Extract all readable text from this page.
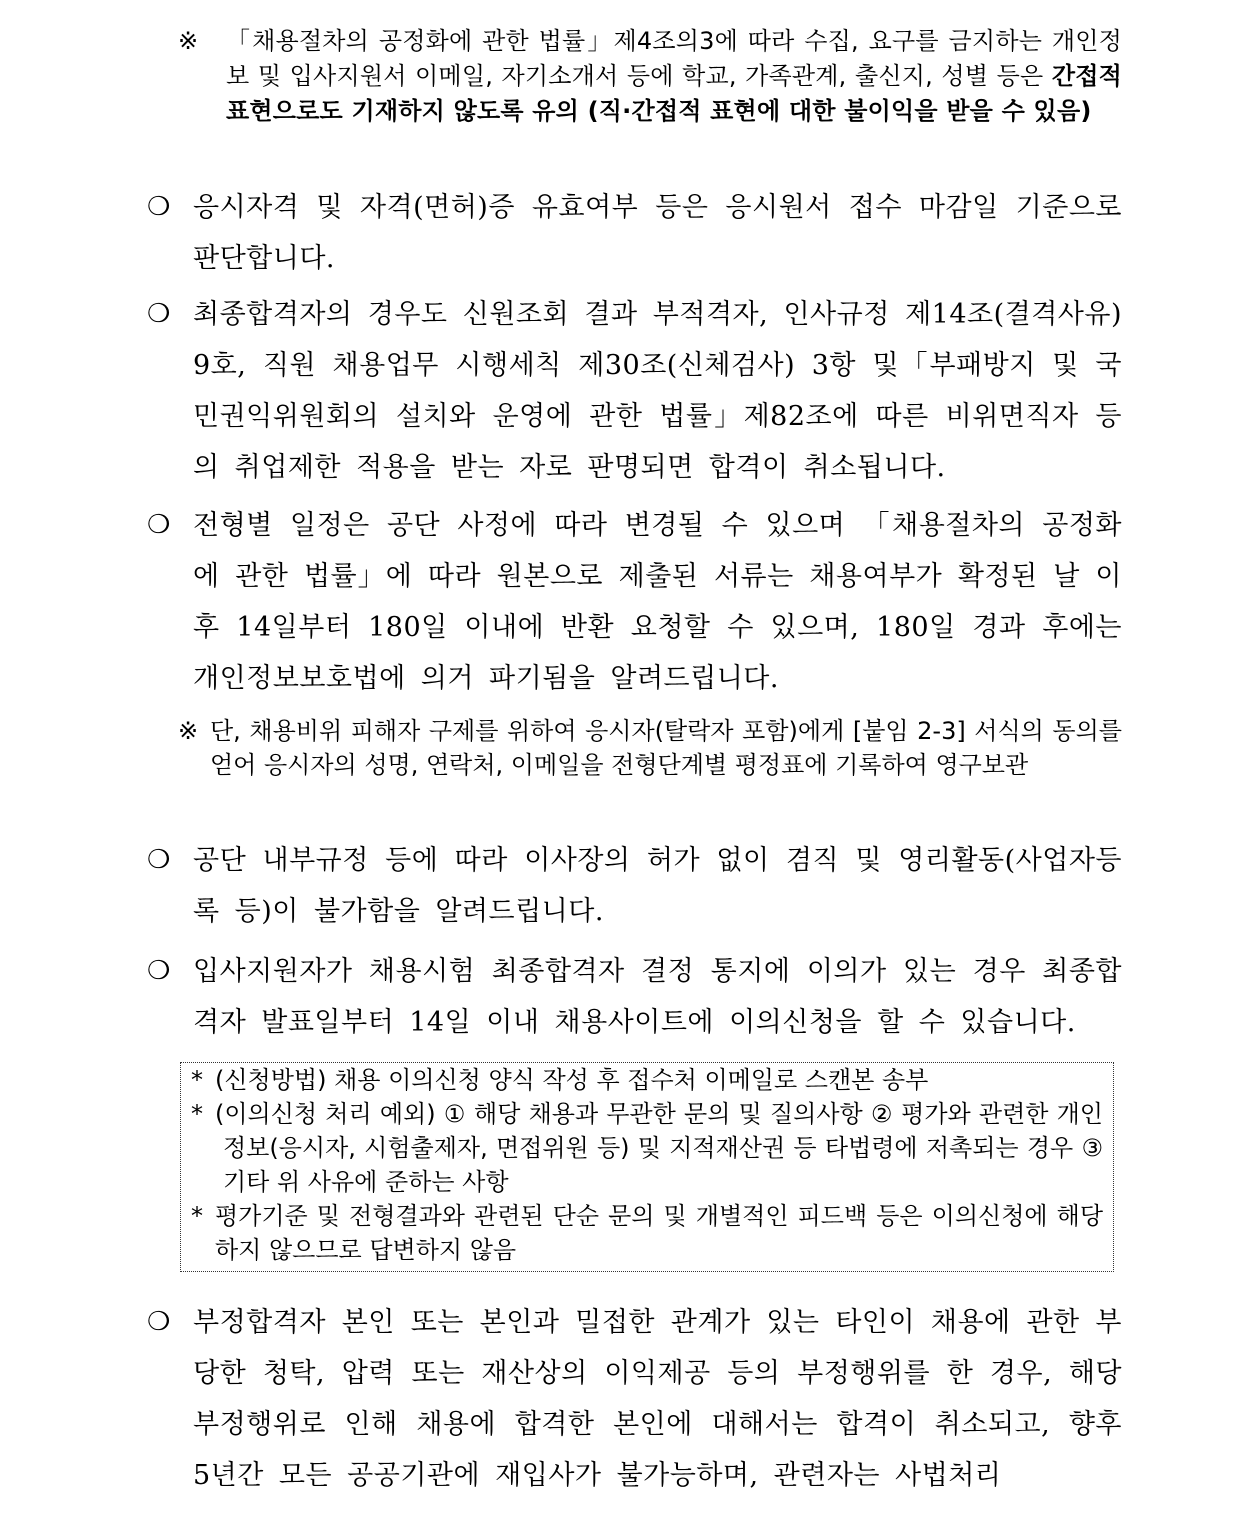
※ 「채용절차의 공정화에 관한 법률」제4조의3에 따라 수집, 요구를 금지하는 개인정보 및 입사지원서 이메일, 자기소개서 등에 학교, 가족관계, 출신지, 성별 등은 간접적 표현으로도 기재하지 않도록 유의 (직·간접적 표현에 대한 불이익을 받을 수 있음)
❍ 응시자격 및 자격(면허)증 유효여부 등은 응시원서 접수 마감일 기준으로 판단합니다.
❍ 최종합격자의 경우도 신원조회 결과 부적격자, 인사규정 제14조(결격사유) 9호, 직원 채용업무 시행세칙 제30조(신체검사) 3항 및「부패방지 및 국민권익위원회의 설치와 운영에 관한 법률」제82조에 따른 비위면직자 등의 취업제한 적용을 받는 자로 판명되면 합격이 취소됩니다.
❍ 전형별 일정은 공단 사정에 따라 변경될 수 있으며 「채용절차의 공정화에 관한 법률」에 따라 원본으로 제출된 서류는 채용여부가 확정된 날 이후 14일부터 180일 이내에 반환 요청할 수 있으며, 180일 경과 후에는 개인정보보호법에 의거 파기됨을 알려드립니다.
※ 단, 채용비위 피해자 구제를 위하여 응시자(탈락자 포함)에게 [붙임 2-3] 서식의 동의를 얻어 응시자의 성명, 연락처, 이메일을 전형단계별 평정표에 기록하여 영구보관
❍ 공단 내부규정 등에 따라 이사장의 허가 없이 겸직 및 영리활동(사업자등록 등)이 불가함을 알려드립니다.
❍ 입사지원자가 채용시험 최종합격자 결정 통지에 이의가 있는 경우 최종합격자 발표일부터 14일 이내 채용사이트에 이의신청을 할 수 있습니다.
* (신청방법) 채용 이의신청 양식 작성 후 접수처 이메일로 스캔본 송부
* (이의신청 처리 예외) ① 해당 채용과 무관한 문의 및 질의사항 ② 평가와 관련한 개인정보(응시자, 시험출제자, 면접위원 등) 및 지적재산권 등 타법령에 저촉되는 경우 ③ 기타 위 사유에 준하는 사항
* 평가기준 및 전형결과와 관련된 단순 문의 및 개별적인 피드백 등은 이의신청에 해당하지 않으므로 답변하지 않음
❍ 부정합격자 본인 또는 본인과 밀접한 관계가 있는 타인이 채용에 관한 부당한 청탁, 압력 또는 재산상의 이익제공 등의 부정행위를 한 경우, 해당 부정행위로 인해 채용에 합격한 본인에 대해서는 합격이 취소되고, 향후 5년간 모든 공공기관에 재입사가 불가능하며, 관련자는 사법처리
